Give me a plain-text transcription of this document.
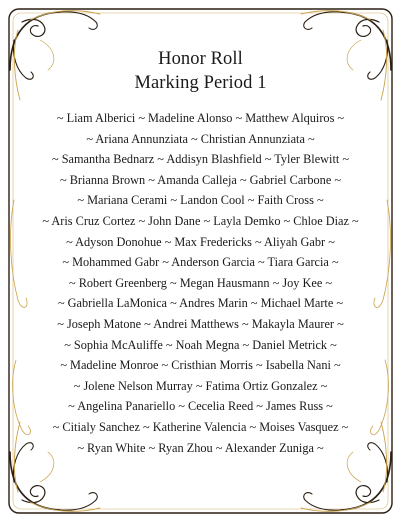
Honor Roll
Marking Period 1
~ Liam Alberici ~ Madeline Alonso ~ Matthew Alquiros ~
~ Ariana Annunziata ~ Christian Annunziata ~
~ Samantha Bednarz ~ Addisyn Blashfield ~ Tyler Blewitt ~
~ Brianna Brown ~ Amanda Calleja ~ Gabriel Carbone ~
~ Mariana Cerami ~ Landon Cool ~ Faith Cross ~
~ Aris Cruz Cortez ~ John Dane ~ Layla Demko ~ Chloe Diaz ~
~ Adyson Donohue ~ Max Fredericks ~ Aliyah Gabr ~
~ Mohammed Gabr ~ Anderson Garcia ~ Tiara Garcia ~
~ Robert Greenberg ~ Megan Hausmann ~ Joy Kee ~
~ Gabriella LaMonica ~ Andres Marin ~ Michael Marte ~
~ Joseph Matone ~ Andrei Matthews ~ Makayla Maurer ~
~ Sophia McAuliffe ~ Noah Megna ~ Daniel Metrick ~
~ Madeline Monroe ~ Cristhian Morris ~ Isabella Nani ~
~ Jolene Nelson Murray ~ Fatima Ortiz Gonzalez ~
~ Angelina Panariello ~ Cecelia Reed ~ James Russ ~
~ Citialy Sanchez ~ Katherine Valencia ~ Moises Vasquez ~
~ Ryan White ~ Ryan Zhou ~ Alexander Zuniga ~
